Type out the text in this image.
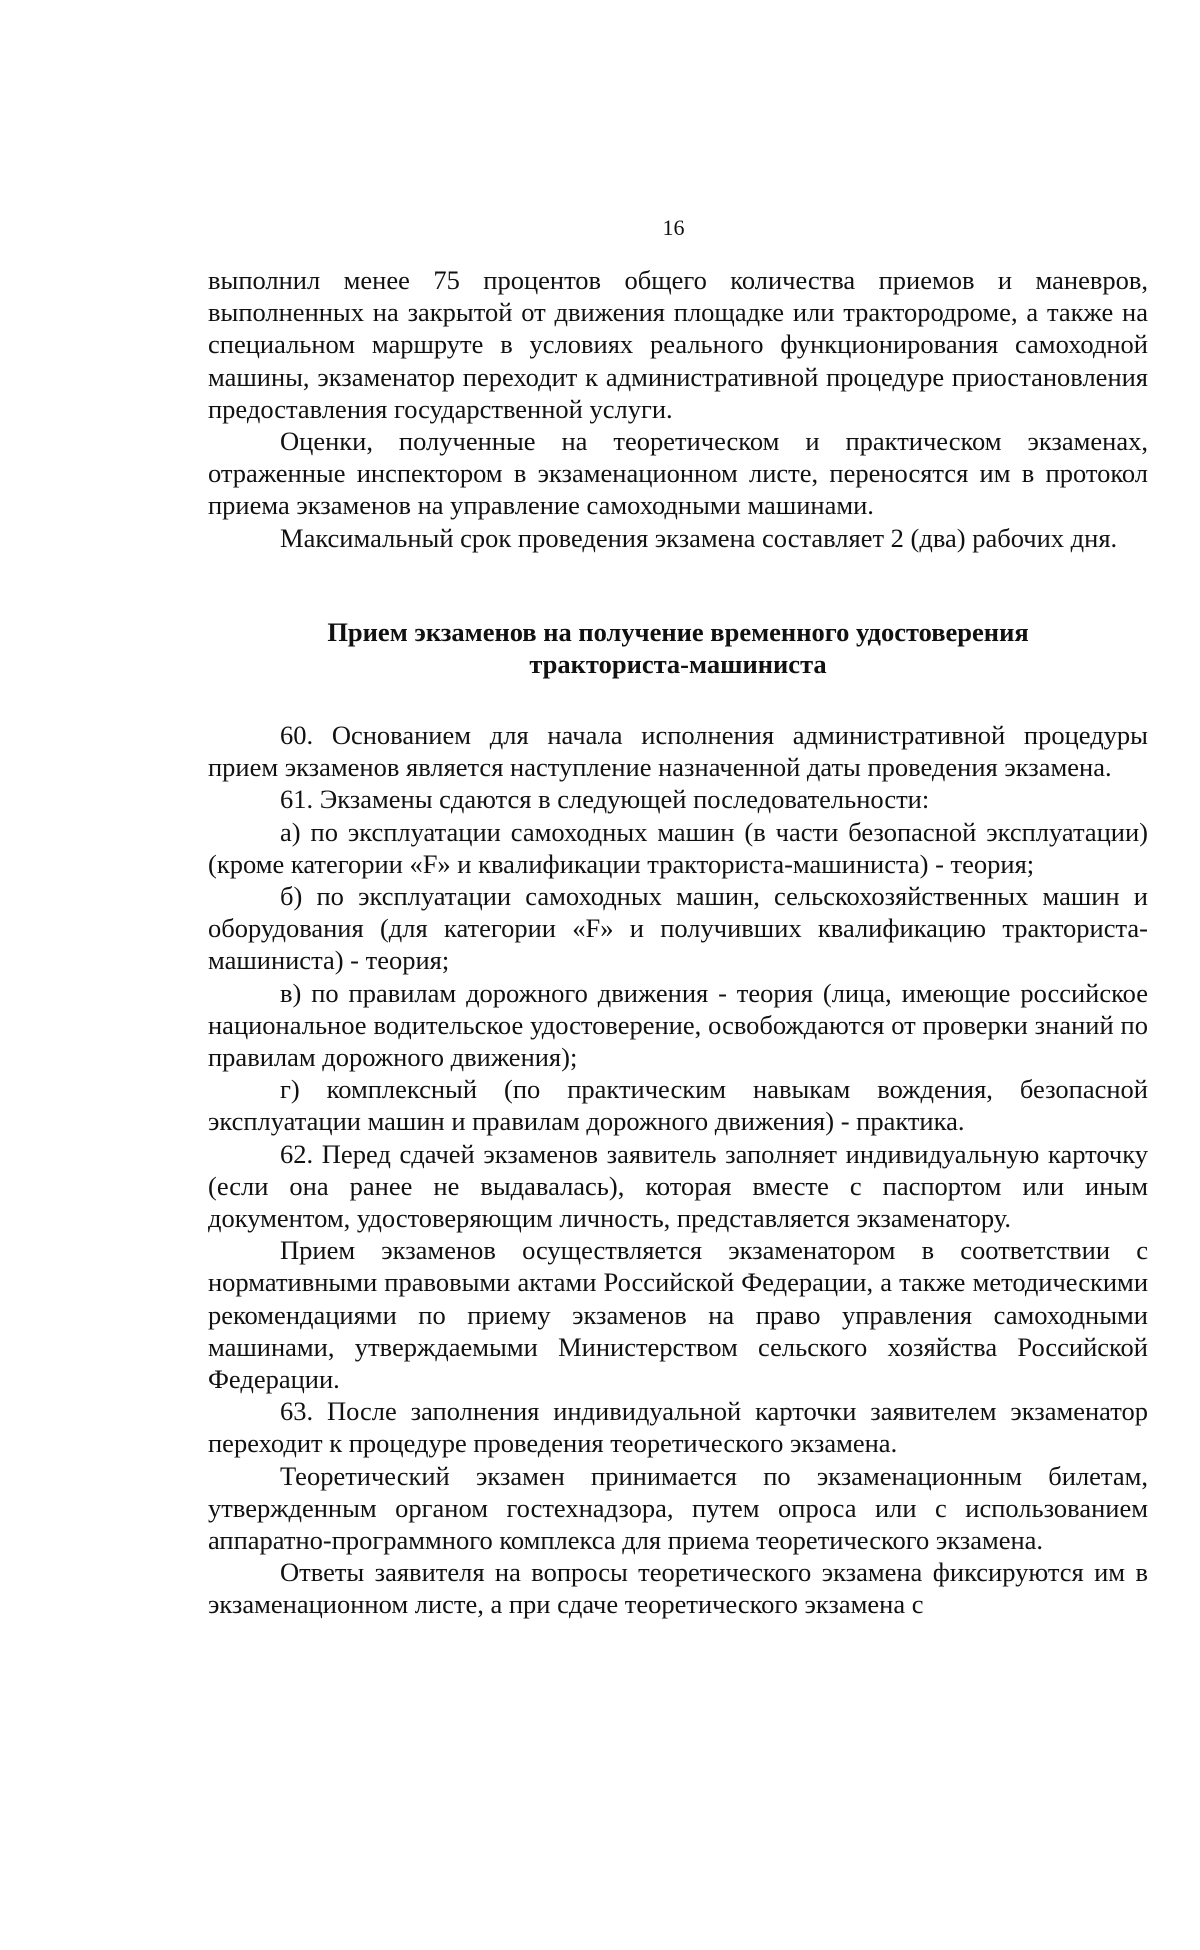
16

выполнил менее 75 процентов общего количества приемов и маневров, выполненных на закрытой от движения площадке или трактородроме, а также на специальном маршруте в условиях реального функционирования самоходной машины, экзаменатор переходит к административной процедуре приостановления предоставления государственной услуги.

Оценки, полученные на теоретическом и практическом экзаменах, отраженные инспектором в экзаменационном листе, переносятся им в протокол приема экзаменов на управление самоходными машинами.

Максимальный срок проведения экзамена составляет 2 (два) рабочих дня.

Прием экзаменов на получение временного удостоверения
тракториста-машиниста

60. Основанием для начала исполнения административной процедуры прием экзаменов является наступление назначенной даты проведения экзамена.

61. Экзамены сдаются в следующей последовательности:

а) по эксплуатации самоходных машин (в части безопасной эксплуатации) (кроме категории «F» и квалификации тракториста-машиниста) - теория;

б) по эксплуатации самоходных машин, сельскохозяйственных машин и оборудования (для категории «F» и получивших квалификацию тракториста-машиниста) - теория;

в) по правилам дорожного движения - теория (лица, имеющие российское национальное водительское удостоверение, освобождаются от проверки знаний по правилам дорожного движения);

г) комплексный (по практическим навыкам вождения, безопасной эксплуатации машин и правилам дорожного движения) - практика.

62. Перед сдачей экзаменов заявитель заполняет индивидуальную карточку (если она ранее не выдавалась), которая вместе с паспортом или иным документом, удостоверяющим личность, представляется экзаменатору.

Прием экзаменов осуществляется экзаменатором в соответствии с нормативными правовыми актами Российской Федерации, а также методическими рекомендациями по приему экзаменов на право управления самоходными машинами, утверждаемыми Министерством сельского хозяйства Российской Федерации.

63. После заполнения индивидуальной карточки заявителем экзаменатор переходит к процедуре проведения теоретического экзамена.

Теоретический экзамен принимается по экзаменационным билетам, утвержденным органом гостехнадзора, путем опроса или с использованием аппаратно-программного комплекса для приема теоретического экзамена.

Ответы заявителя на вопросы теоретического экзамена фиксируются им в экзаменационном листе, а при сдаче теоретического экзамена с
